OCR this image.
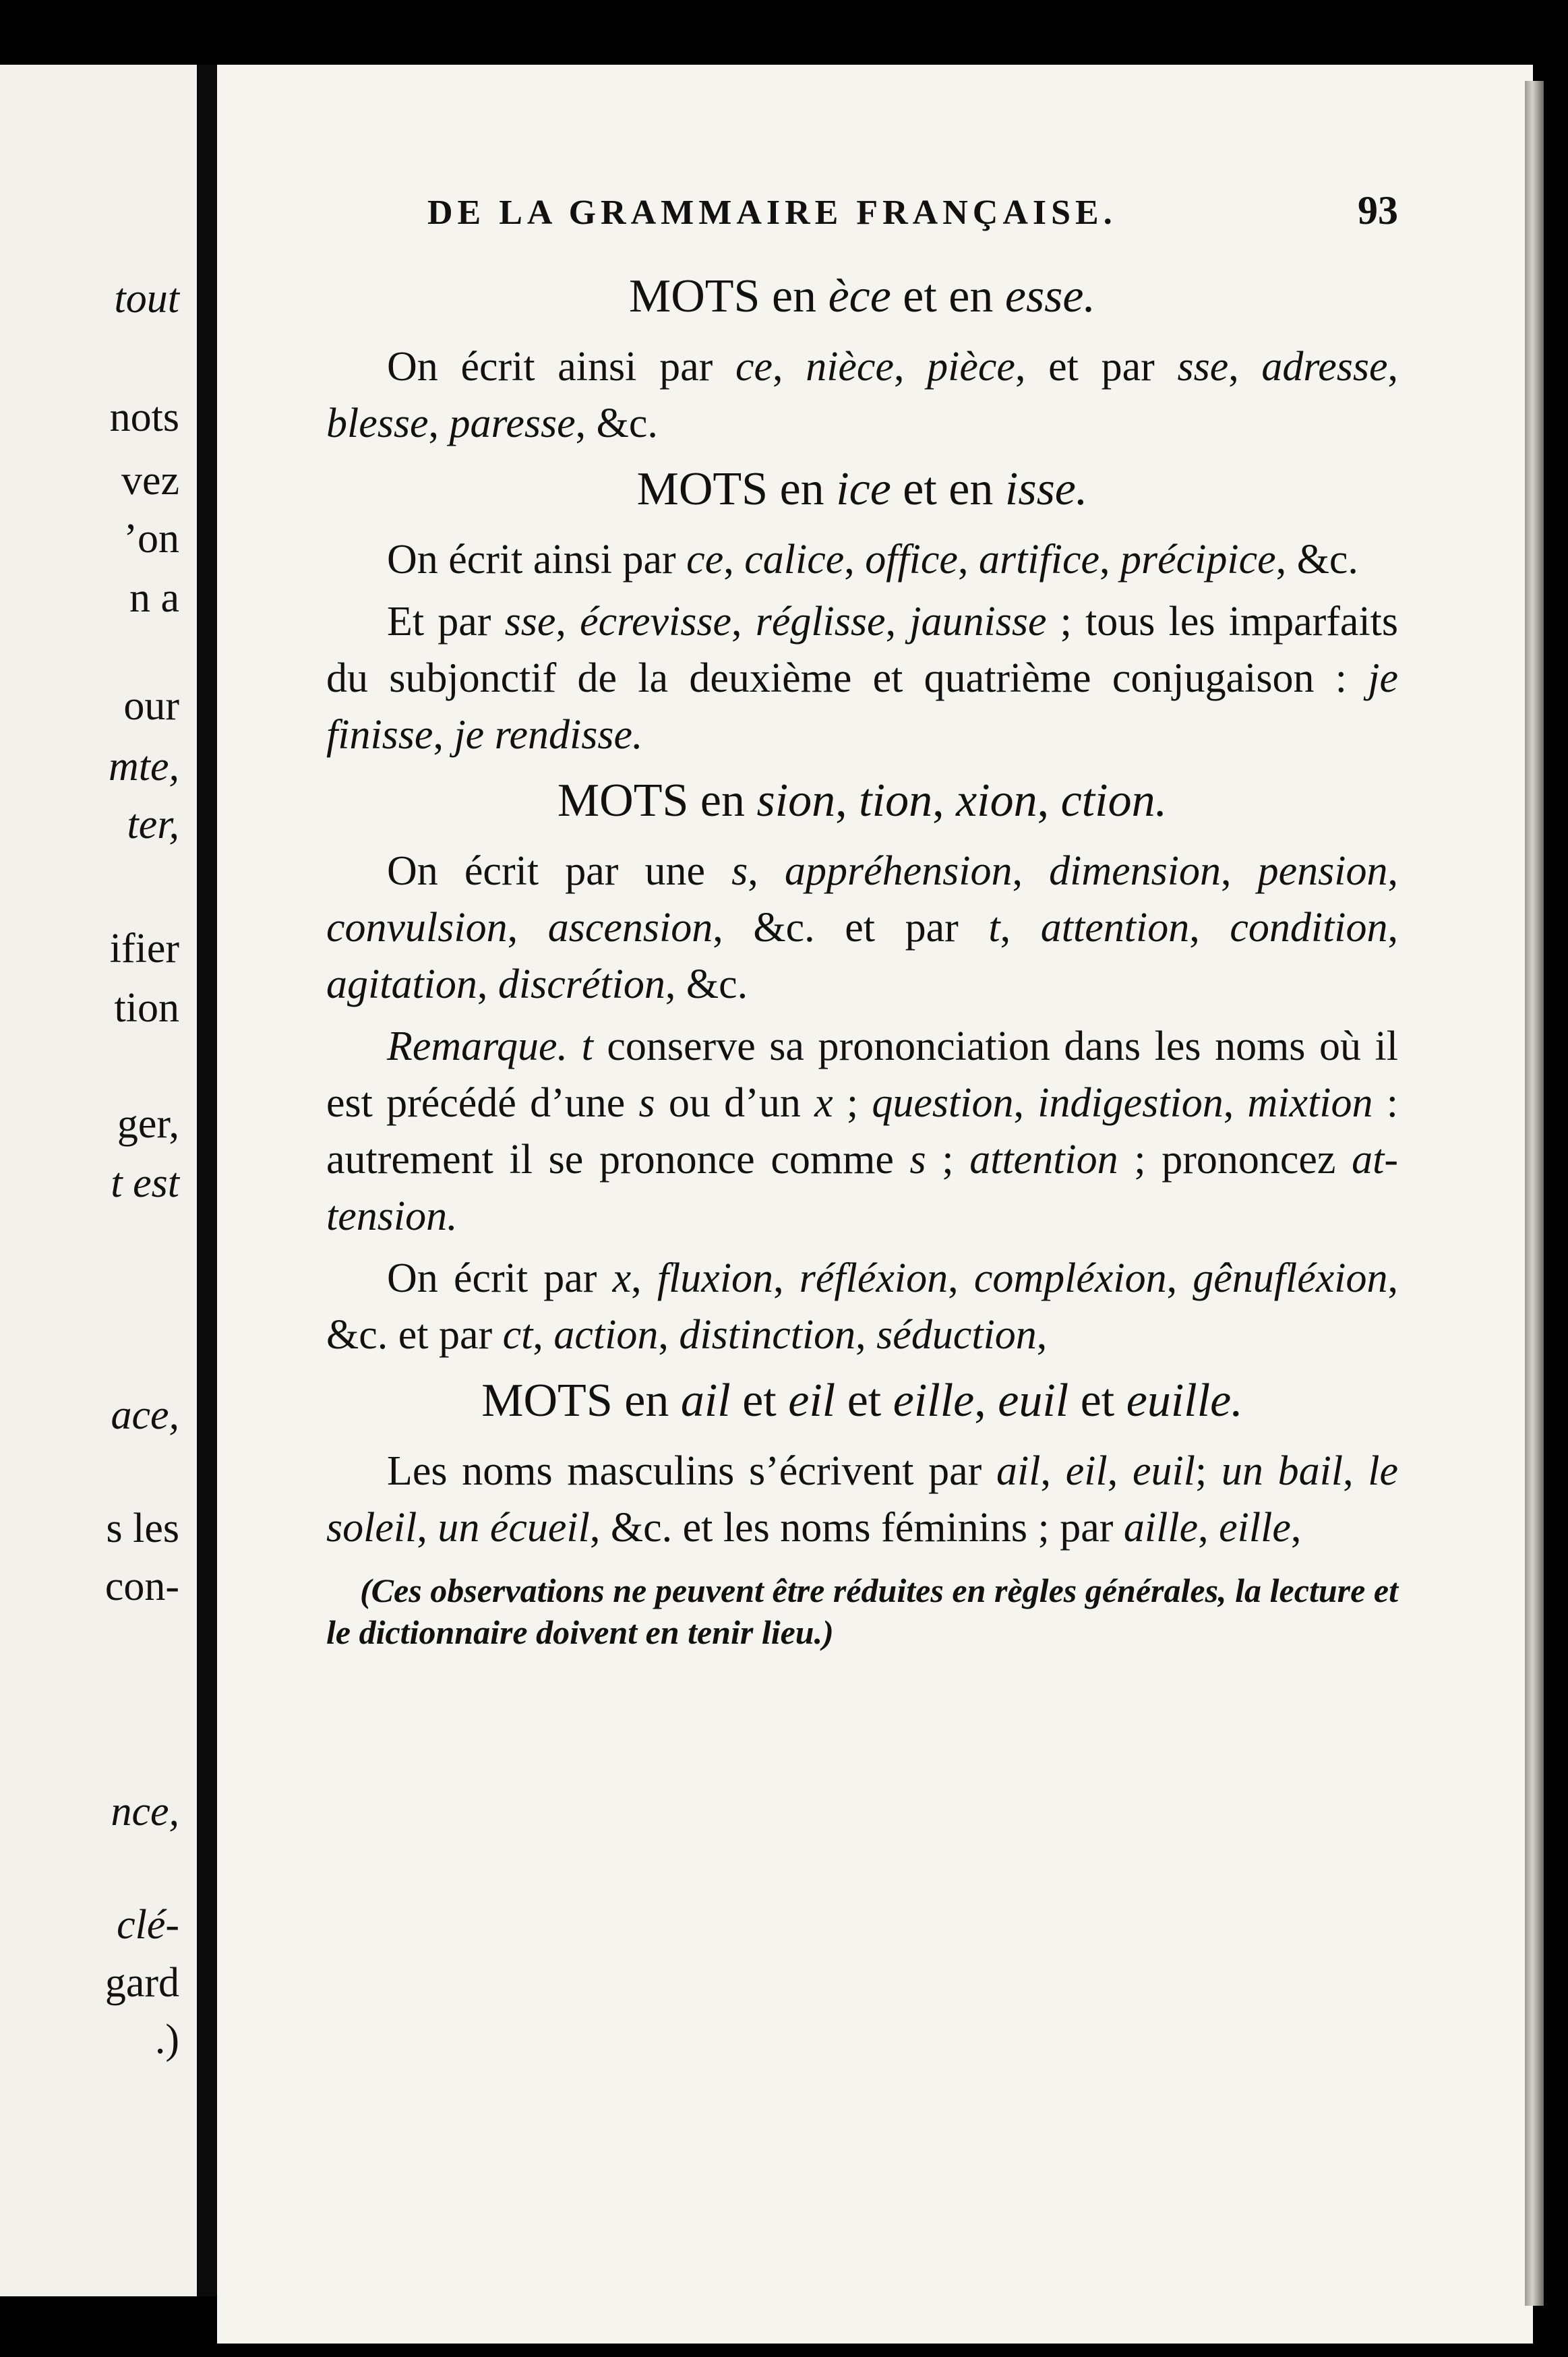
tout
nots
vez
’on
n a
our
mte,
ter,
ifier
tion
ger,
t est
ace,
s les
con-
nce,
clé-
gard
.)
DE LA GRAMMAIRE FRANÇAISE.	93
MOTS en èce et en esse.

On écrit ainsi par ce, nièce, pièce, et par sse, adresse, blesse, paresse, &c.

MOTS en ice et en isse.

On écrit ainsi par ce, calice, office, artifice, précipice, &c.

Et par sse, écrevisse, réglisse, jaunisse ; tous les imparfaits du subjonctif de la deuxième et quatrième conjugaison : je finisse, je rendisse.

MOTS en sion, tion, xion, ction.

On écrit par une s, appréhension, dimension, pension, convulsion, ascension, &c. et par t, attention, condition, agitation, discrétion, &c.

Remarque. t conserve sa prononciation dans les noms où il est précédé d’une s ou d’un x ; question, indigestion, mixtion : autrement il se prononce comme s ; attention ; prononcez at-tension.

On écrit par x, fluxion, réfléxion, compléxion, gênufléxion, &c. et par ct, action, distinction, séduction,

MOTS en ail et eil et eille, euil et euille.

Les noms masculins s’écrivent par ail, eil, euil; un bail, le soleil, un écueil, &c. et les noms féminins ; par aille, eille,

(Ces observations ne peuvent être réduites en règles générales, la lecture et le dictionnaire doivent en tenir lieu.)
